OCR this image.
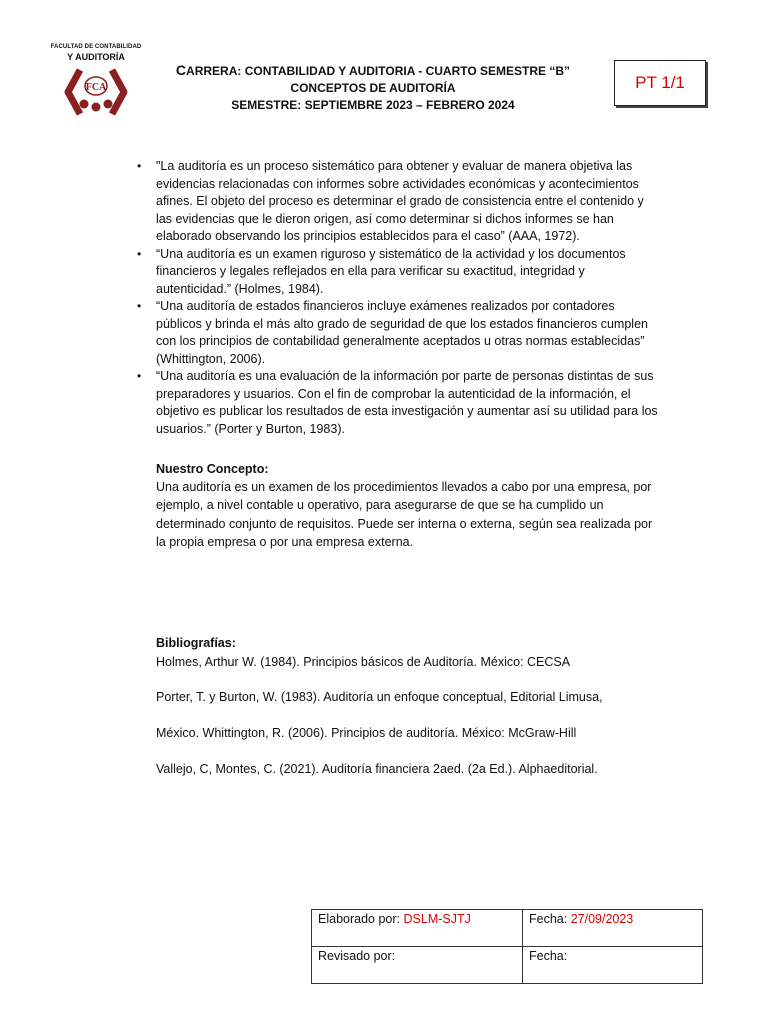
FACULTAD DE CONTABILIDAD
Y AUDITORÍA
FCA
CARRERA: CONTABILIDAD Y AUDITORIA - CUARTO SEMESTRE “B”
CONCEPTOS DE AUDITORÍA
SEMESTRE: SEPTIEMBRE 2023 – FEBRERO 2024
PT 1/1
• "La auditoría es un proceso sistemático para obtener y evaluar de manera objetiva las evidencias relacionadas con informes sobre actividades económicas y acontecimientos afines. El objeto del proceso es determinar el grado de consistencia entre el contenido y las evidencias que le dieron origen, así como determinar si dichos informes se han elaborado observando los principios establecidos para el caso” (AAA, 1972).
• “Una auditoría es un examen riguroso y sistemático de la actividad y los documentos financieros y legales reflejados en ella para verificar su exactitud, integridad y autenticidad.” (Holmes, 1984).
• “Una auditoría de estados financieros incluye exámenes realizados por contadores públicos y brinda el más alto grado de seguridad de que los estados financieros cumplen con los principios de contabilidad generalmente aceptados u otras normas establecidas” (Whittington, 2006).
• “Una auditoría es una evaluación de la información por parte de personas distintas de sus preparadores y usuarios. Con el fin de comprobar la autenticidad de la información, el objetivo es publicar los resultados de esta investigación y aumentar así su utilidad para los usuarios.” (Porter y Burton, 1983).
Nuestro Concepto:
Una auditoría es un examen de los procedimientos llevados a cabo por una empresa, por ejemplo, a nivel contable u operativo, para asegurarse de que se ha cumplido un determinado conjunto de requisitos. Puede ser interna o externa, según sea realizada por la propia empresa o por una empresa externa.
Bibliografías:
Holmes, Arthur W. (1984). Principios básicos de Auditoría. México: CECSA
Porter, T. y Burton, W. (1983). Auditoría un enfoque conceptual, Editorial Limusa,
México. Whittington, R. (2006). Principios de auditoría. México: McGraw-Hill
Vallejo, C, Montes, C. (2021). Auditoría financiera 2aed. (2a Ed.). Alphaeditorial.
Elaborado por: DSLM-SJTJ	Fecha: 27/09/2023
Revisado por:	Fecha:
